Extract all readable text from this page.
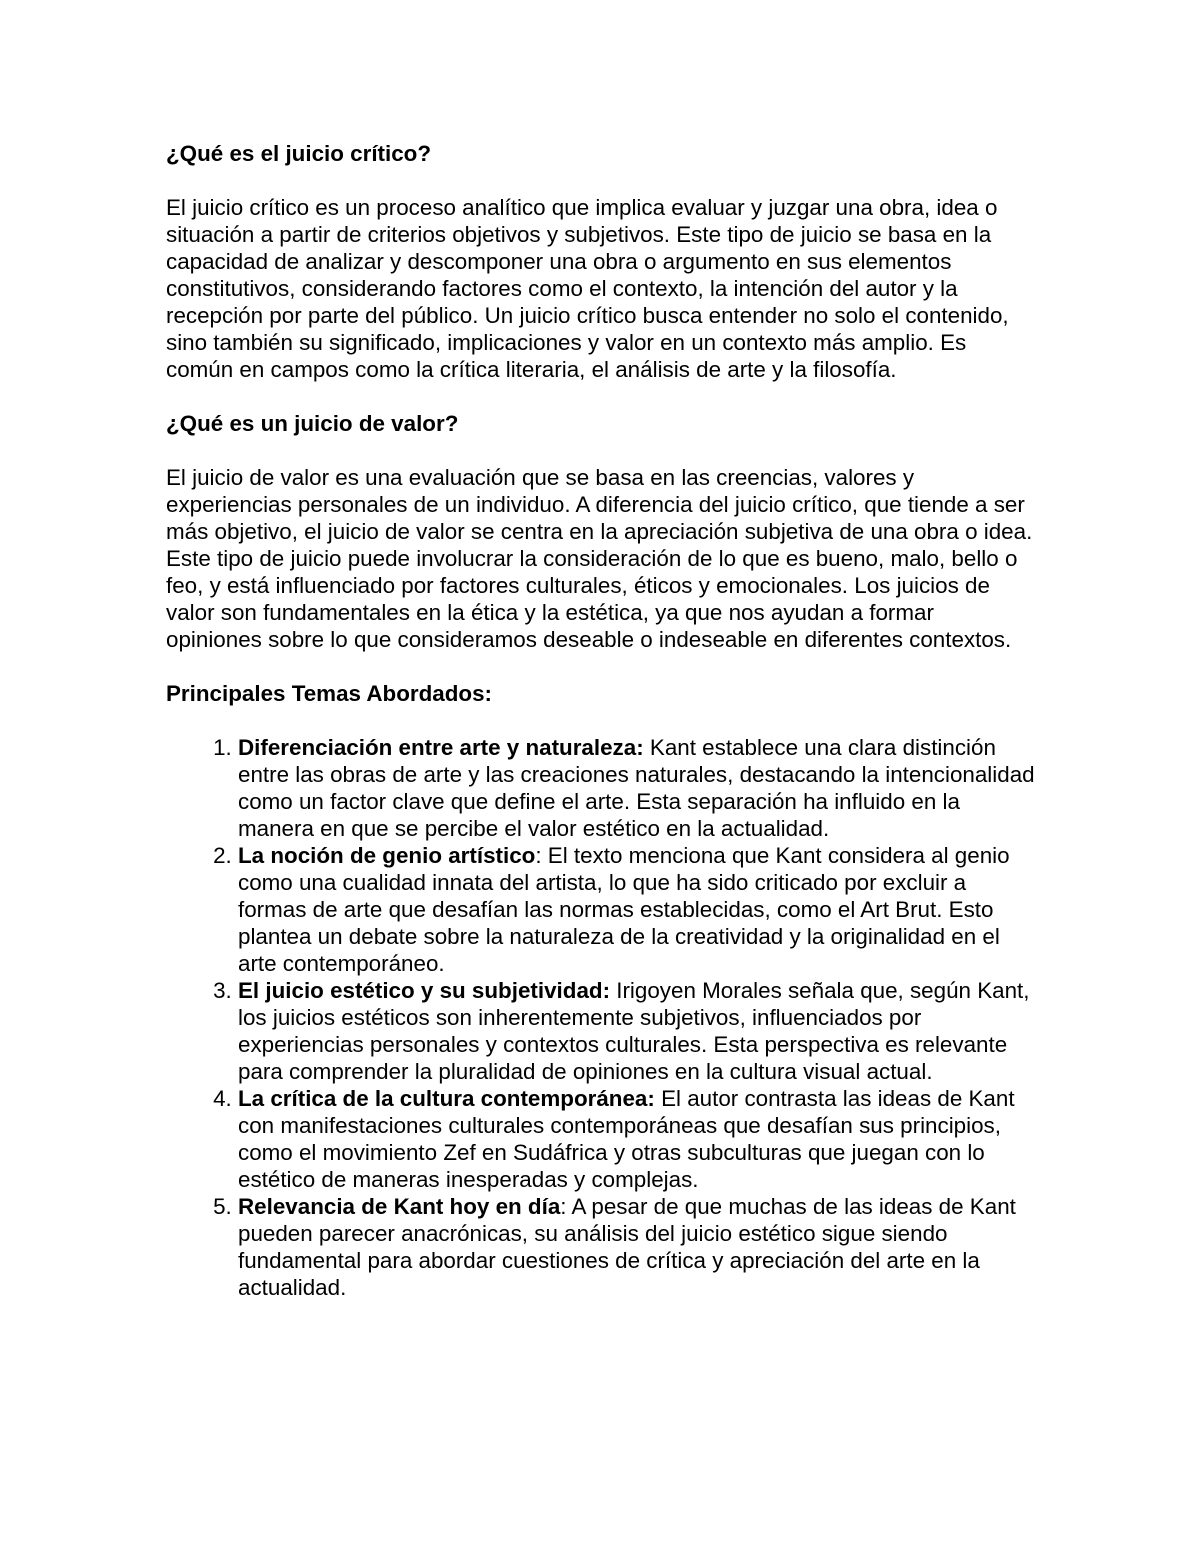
¿Qué es el juicio crítico?

El juicio crítico es un proceso analítico que implica evaluar y juzgar una obra, idea o situación a partir de criterios objetivos y subjetivos. Este tipo de juicio se basa en la capacidad de analizar y descomponer una obra o argumento en sus elementos constitutivos, considerando factores como el contexto, la intención del autor y la recepción por parte del público. Un juicio crítico busca entender no solo el contenido, sino también su significado, implicaciones y valor en un contexto más amplio. Es común en campos como la crítica literaria, el análisis de arte y la filosofía.

¿Qué es un juicio de valor?

El juicio de valor es una evaluación que se basa en las creencias, valores y experiencias personales de un individuo. A diferencia del juicio crítico, que tiende a ser más objetivo, el juicio de valor se centra en la apreciación subjetiva de una obra o idea. Este tipo de juicio puede involucrar la consideración de lo que es bueno, malo, bello o feo, y está influenciado por factores culturales, éticos y emocionales. Los juicios de valor son fundamentales en la ética y la estética, ya que nos ayudan a formar opiniones sobre lo que consideramos deseable o indeseable en diferentes contextos.

Principales Temas Abordados:
1. Diferenciación entre arte y naturaleza: Kant establece una clara distinción entre las obras de arte y las creaciones naturales, destacando la intencionalidad como un factor clave que define el arte. Esta separación ha influido en la manera en que se percibe el valor estético en la actualidad.
2. La noción de genio artístico: El texto menciona que Kant considera al genio como una cualidad innata del artista, lo que ha sido criticado por excluir a formas de arte que desafían las normas establecidas, como el Art Brut. Esto plantea un debate sobre la naturaleza de la creatividad y la originalidad en el arte contemporáneo.
3. El juicio estético y su subjetividad: Irigoyen Morales señala que, según Kant, los juicios estéticos son inherentemente subjetivos, influenciados por experiencias personales y contextos culturales. Esta perspectiva es relevante para comprender la pluralidad de opiniones en la cultura visual actual.
4. La crítica de la cultura contemporánea: El autor contrasta las ideas de Kant con manifestaciones culturales contemporáneas que desafían sus principios, como el movimiento Zef en Sudáfrica y otras subculturas que juegan con lo estético de maneras inesperadas y complejas.
5. Relevancia de Kant hoy en día: A pesar de que muchas de las ideas de Kant pueden parecer anacrónicas, su análisis del juicio estético sigue siendo fundamental para abordar cuestiones de crítica y apreciación del arte en la actualidad.
